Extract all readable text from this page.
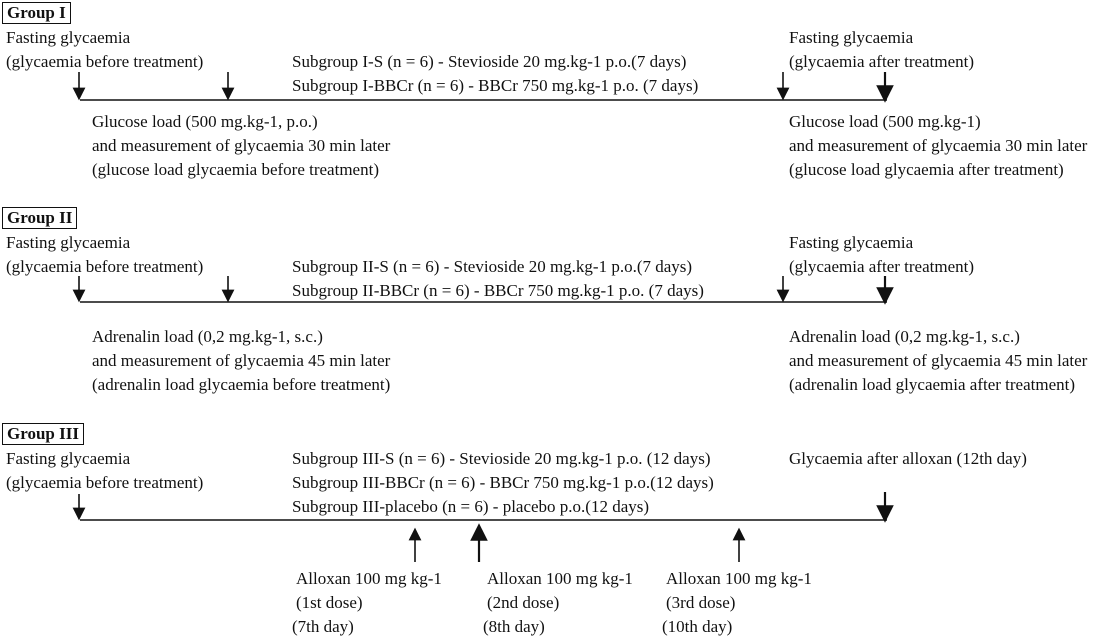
Group I
Fasting glycaemia
(glycaemia before treatment)	Subgroup I-S (n = 6) - Stevioside 20 mg.kg-1 p.o.(7 days)
Subgroup I-BBCr (n = 6) - BBCr 750 mg.kg-1 p.o. (7 days)
Fasting glycaemia
(glycaemia after treatment)
Glucose load (500 mg.kg-1, p.o.)
and measurement of glycaemia 30 min later
(glucose load glycaemia before treatment)
Glucose load (500 mg.kg-1)
and measurement of glycaemia 30 min later
(glucose load glycaemia after treatment)
Group II
Fasting glycaemia
(glycaemia before treatment)	Subgroup II-S (n = 6) - Stevioside 20 mg.kg-1 p.o.(7 days)
Subgroup II-BBCr (n = 6) - BBCr 750 mg.kg-1 p.o. (7 days)
Fasting glycaemia
(glycaemia after treatment)
Adrenalin load (0,2 mg.kg-1, s.c.)
and measurement of glycaemia 45 min later
(adrenalin load glycaemia before treatment)
Adrenalin load (0,2 mg.kg-1, s.c.)
and measurement of glycaemia 45 min later
(adrenalin load glycaemia after treatment)
Group III
Fasting glycaemia
(glycaemia before treatment)
Subgroup III-S (n = 6) - Stevioside 20 mg.kg-1 p.o. (12 days)
Subgroup III-BBCr (n = 6) - BBCr 750 mg.kg-1 p.o.(12 days)
Subgroup III-placebo (n = 6) - placebo p.o.(12 days)
Glycaemia after alloxan (12th day)
Alloxan 100 mg kg-1
(1st dose)
(7th day)
Alloxan 100 mg kg-1
(2nd dose)
(8th day)
Alloxan 100 mg kg-1
(3rd dose)
(10th day)
